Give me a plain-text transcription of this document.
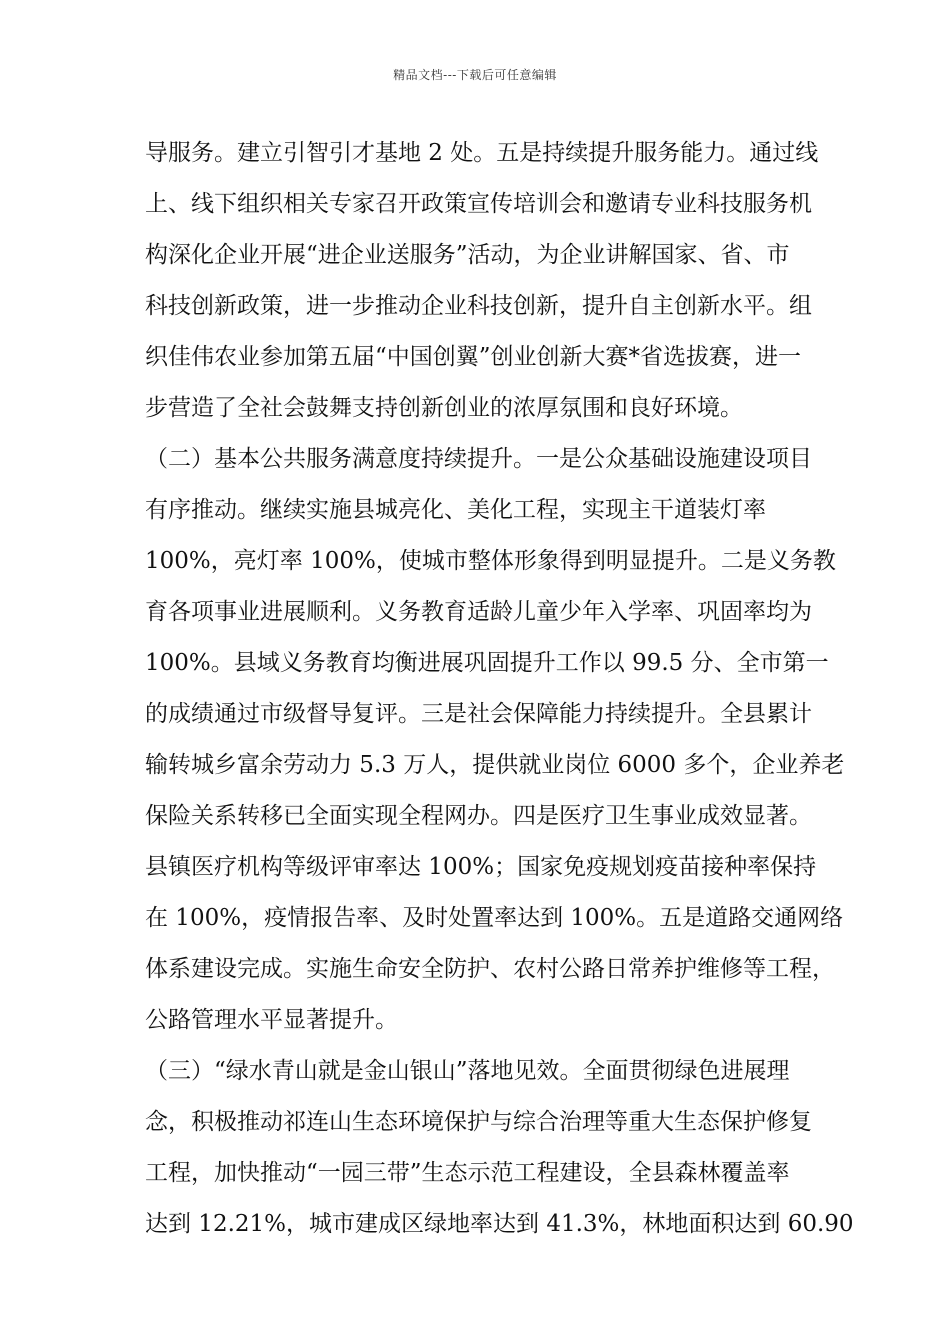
精品文档---下载后可任意编辑
导服务。建立引智引才基地 2 处。五是持续提升服务能力。通过线
上、线下组织相关专家召开政策宣传培训会和邀请专业科技服务机
构深化企业开展“进企业送服务”活动，为企业讲解国家、省、市
科技创新政策，进一步推动企业科技创新，提升自主创新水平。组
织佳伟农业参加第五届“中国创翼”创业创新大赛*省选拔赛，进一
步营造了全社会鼓舞支持创新创业的浓厚氛围和良好环境。
（二）基本公共服务满意度持续提升。一是公众基础设施建设项目
有序推动。继续实施县城亮化、美化工程，实现主干道装灯率
100%，亮灯率 100%，使城市整体形象得到明显提升。二是义务教
育各项事业进展顺利。义务教育适龄儿童少年入学率、巩固率均为
100%。县域义务教育均衡进展巩固提升工作以 99.5 分、全市第一
的成绩通过市级督导复评。三是社会保障能力持续提升。全县累计
输转城乡富余劳动力 5.3 万人，提供就业岗位 6000 多个，企业养老
保险关系转移已全面实现全程网办。四是医疗卫生事业成效显著。
县镇医疗机构等级评审率达 100%；国家免疫规划疫苗接种率保持
在 100%，疫情报告率、及时处置率达到 100%。五是道路交通网络
体系建设完成。实施生命安全防护、农村公路日常养护维修等工程，
公路管理水平显著提升。
（三）“绿水青山就是金山银山”落地见效。全面贯彻绿色进展理
念，积极推动祁连山生态环境保护与综合治理等重大生态保护修复
工程，加快推动“一园三带”生态示范工程建设，全县森林覆盖率
达到 12.21%，城市建成区绿地率达到 41.3%，林地面积达到 60.90
